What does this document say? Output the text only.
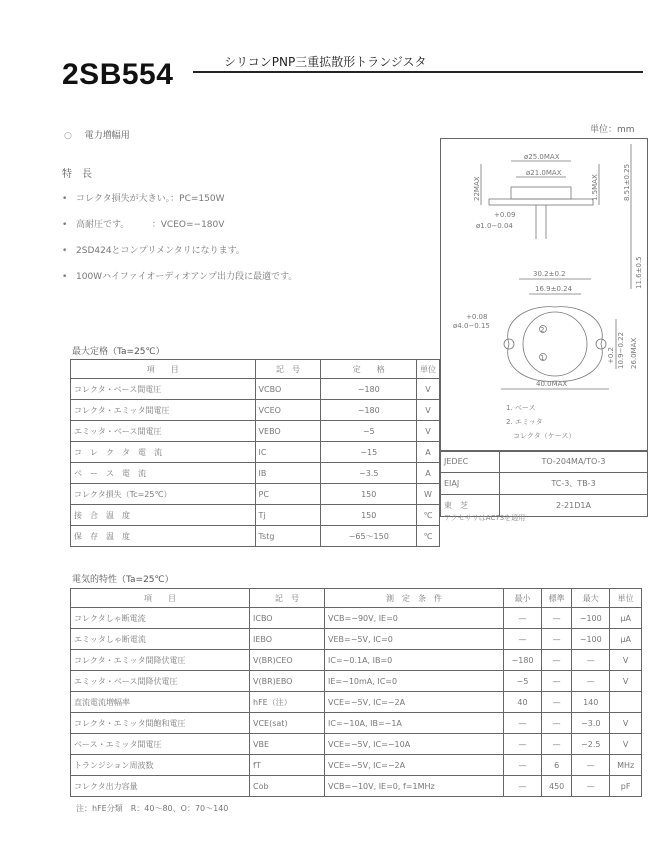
2SB554	シリコンPNP三重拡散形トランジスタ
○ 電力増幅用
単位：mm
特　長
• コレクタ損失が大きい。：PC=150W
• 高耐圧です。　　　：VCEO=−180V
• 2SD424とコンプリメンタリになります。
• 100Wハイファイオーディオアンプ出力段に最適です。
ø25.0MAX
ø21.0MAX
22MAX	1.5MAX	8.51±0.25
+0.09
ø1.0−0.04
11.6±0.5
30.2±0.2
16.9±0.24
+0.08
ø4.0−0.15
+0.2 10.9−0.22 26.0MAX
40.0MAX
1
2
1. ベース
2. エミッタ
　コレクタ（ケース）
JEDEC	TO-204MA/TO-3
EIAJ	TC-3、TB-3
東　芝	2-21D1A
アクセサリはAC73を適用
最大定格（Ta=25℃）
項　　目	記　号	定　　格	単位
コレクタ・ベース間電圧	VCBO	−180	V
コレクタ・エミッタ間電圧	VCEO	−180	V
エミッタ・ベース間電圧	VEBO	−5	V
コ　レ　ク　タ　電　流	IC	−15	A
ベ　ー　ス　電　流	IB	−3.5	A
コレクタ損失（Tc=25℃）	PC	150	W
接　合　温　度	Tj	150	℃
保　存　温　度	Tstg	−65〜150	℃
電気的特性（Ta=25℃）
項　　目	記　号	測　定　条　件	最小	標準	最大	単位
コレクタしゃ断電流	ICBO	VCB=−90V, IE=0	—	—	−100	μA
エミッタしゃ断電流	IEBO	VEB=−5V, IC=0	—	—	−100	μA
コレクタ・エミッタ間降伏電圧	V(BR)CEO	IC=−0.1A, IB=0	−180	—	—	V
エミッタ・ベース間降伏電圧	V(BR)EBO	IE=−10mA, IC=0	−5	—	—	V
直流電流増幅率	hFE（注）	VCE=−5V, IC=−2A	40	—	140	
コレクタ・エミッタ間飽和電圧	VCE(sat)	IC=−10A, IB=−1A	—	—	−3.0	V
ベース・エミッタ間電圧	VBE	VCE=−5V, IC=−10A	—	—	−2.5	V
トランジション周波数	fT	VCE=−5V, IC=−2A	—	6	—	MHz
コレクタ出力容量	Cob	VCB=−10V, IE=0, f=1MHz	—	450	—	pF
注：hFE分類　R：40〜80、O：70〜140
